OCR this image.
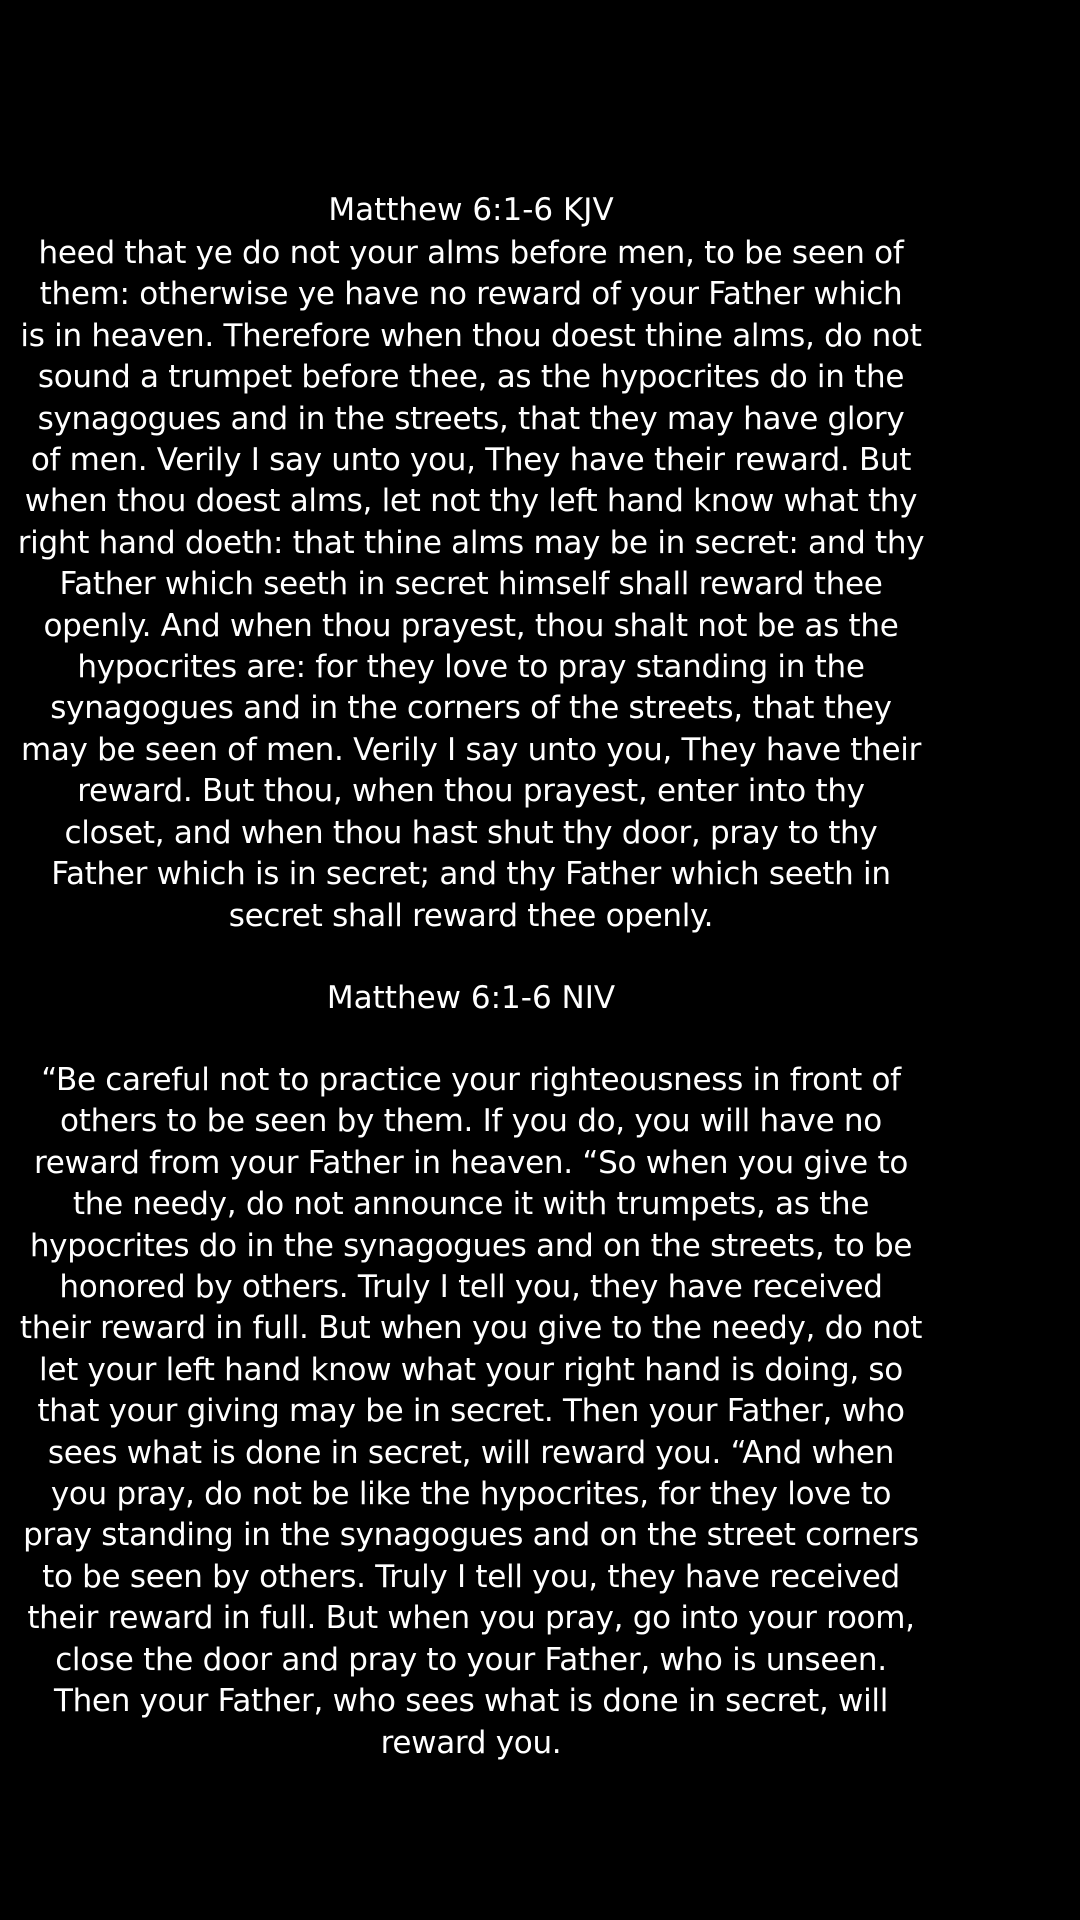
Matthew 6:1-6 KJV
heed that ye do not your alms before men, to be seen of
them: otherwise ye have no reward of your Father which
is in heaven. Therefore when thou doest thine alms, do not
sound a trumpet before thee, as the hypocrites do in the
synagogues and in the streets, that they may have glory
of men. Verily I say unto you, They have their reward. But
when thou doest alms, let not thy left hand know what thy
right hand doeth: that thine alms may be in secret: and thy
Father which seeth in secret himself shall reward thee
openly. And when thou prayest, thou shalt not be as the
hypocrites are: for they love to pray standing in the
synagogues and in the corners of the streets, that they
may be seen of men. Verily I say unto you, They have their
reward. But thou, when thou prayest, enter into thy
closet, and when thou hast shut thy door, pray to thy
Father which is in secret; and thy Father which seeth in
secret shall reward thee openly.
Matthew 6:1-6 NIV
“Be careful not to practice your righteousness in front of
others to be seen by them. If you do, you will have no
reward from your Father in heaven. “So when you give to
the needy, do not announce it with trumpets, as the
hypocrites do in the synagogues and on the streets, to be
honored by others. Truly I tell you, they have received
their reward in full. But when you give to the needy, do not
let your left hand know what your right hand is doing, so
that your giving may be in secret. Then your Father, who
sees what is done in secret, will reward you. “And when
you pray, do not be like the hypocrites, for they love to
pray standing in the synagogues and on the street corners
to be seen by others. Truly I tell you, they have received
their reward in full. But when you pray, go into your room,
close the door and pray to your Father, who is unseen.
Then your Father, who sees what is done in secret, will
reward you.
